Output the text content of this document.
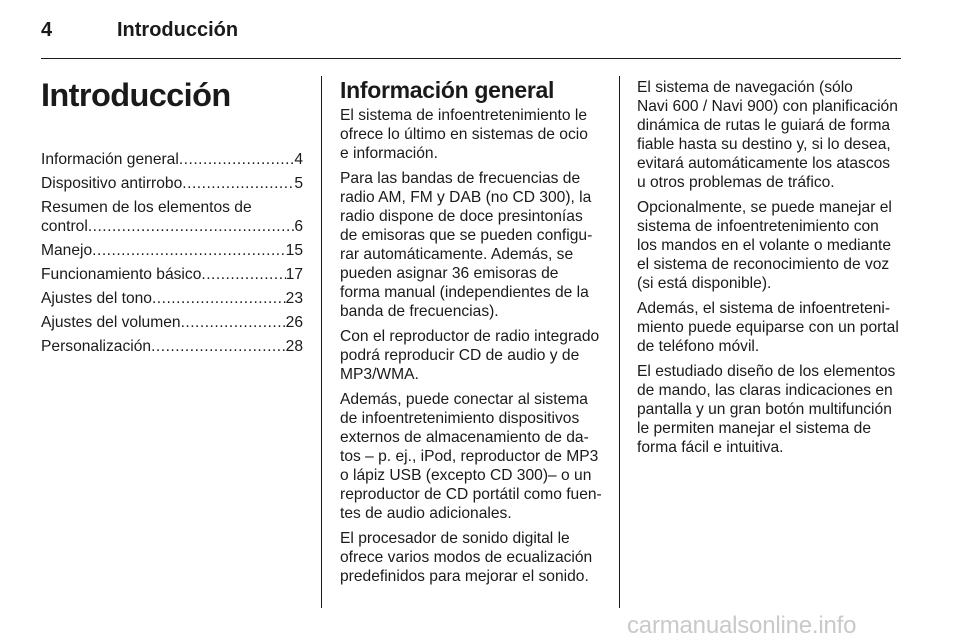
4	Introducción
Introducción
Información general .....	4
Dispositivo antirrobo .....	5
Resumen de los elementos de
control .....	6
Manejo .....	15
Funcionamiento básico .....	17
Ajustes del tono .....	23
Ajustes del volumen .....	26
Personalización .....	28
Información general

El sistema de infoentretenimiento le
ofrece lo último en sistemas de ocio
e información.

Para las bandas de frecuencias de
radio AM, FM y DAB (no CD 300), la
radio dispone de doce presintonías
de emisoras que se pueden configu‐
rar automáticamente. Además, se
pueden asignar 36 emisoras de
forma manual (independientes de la
banda de frecuencias).

Con el reproductor de radio integrado
podrá reproducir CD de audio y de
MP3/WMA.

Además, puede conectar al sistema
de infoentretenimiento dispositivos
externos de almacenamiento de da‐
tos – p. ej., iPod, reproductor de MP3
o lápiz USB (excepto CD 300)– o un
reproductor de CD portátil como fuen‐
tes de audio adicionales.

El procesador de sonido digital le
ofrece varios modos de ecualización
predefinidos para mejorar el sonido.

El sistema de navegación (sólo
Navi 600 / Navi 900) con planificación
dinámica de rutas le guiará de forma
fiable hasta su destino y, si lo desea,
evitará automáticamente los atascos
u otros problemas de tráfico.

Opcionalmente, se puede manejar el
sistema de infoentretenimiento con
los mandos en el volante o mediante
el sistema de reconocimiento de voz
(si está disponible).

Además, el sistema de infoentreteni‐
miento puede equiparse con un portal
de teléfono móvil.

El estudiado diseño de los elementos
de mando, las claras indicaciones en
pantalla y un gran botón multifunción
le permiten manejar el sistema de
forma fácil e intuitiva.

carmanualsonline.info
